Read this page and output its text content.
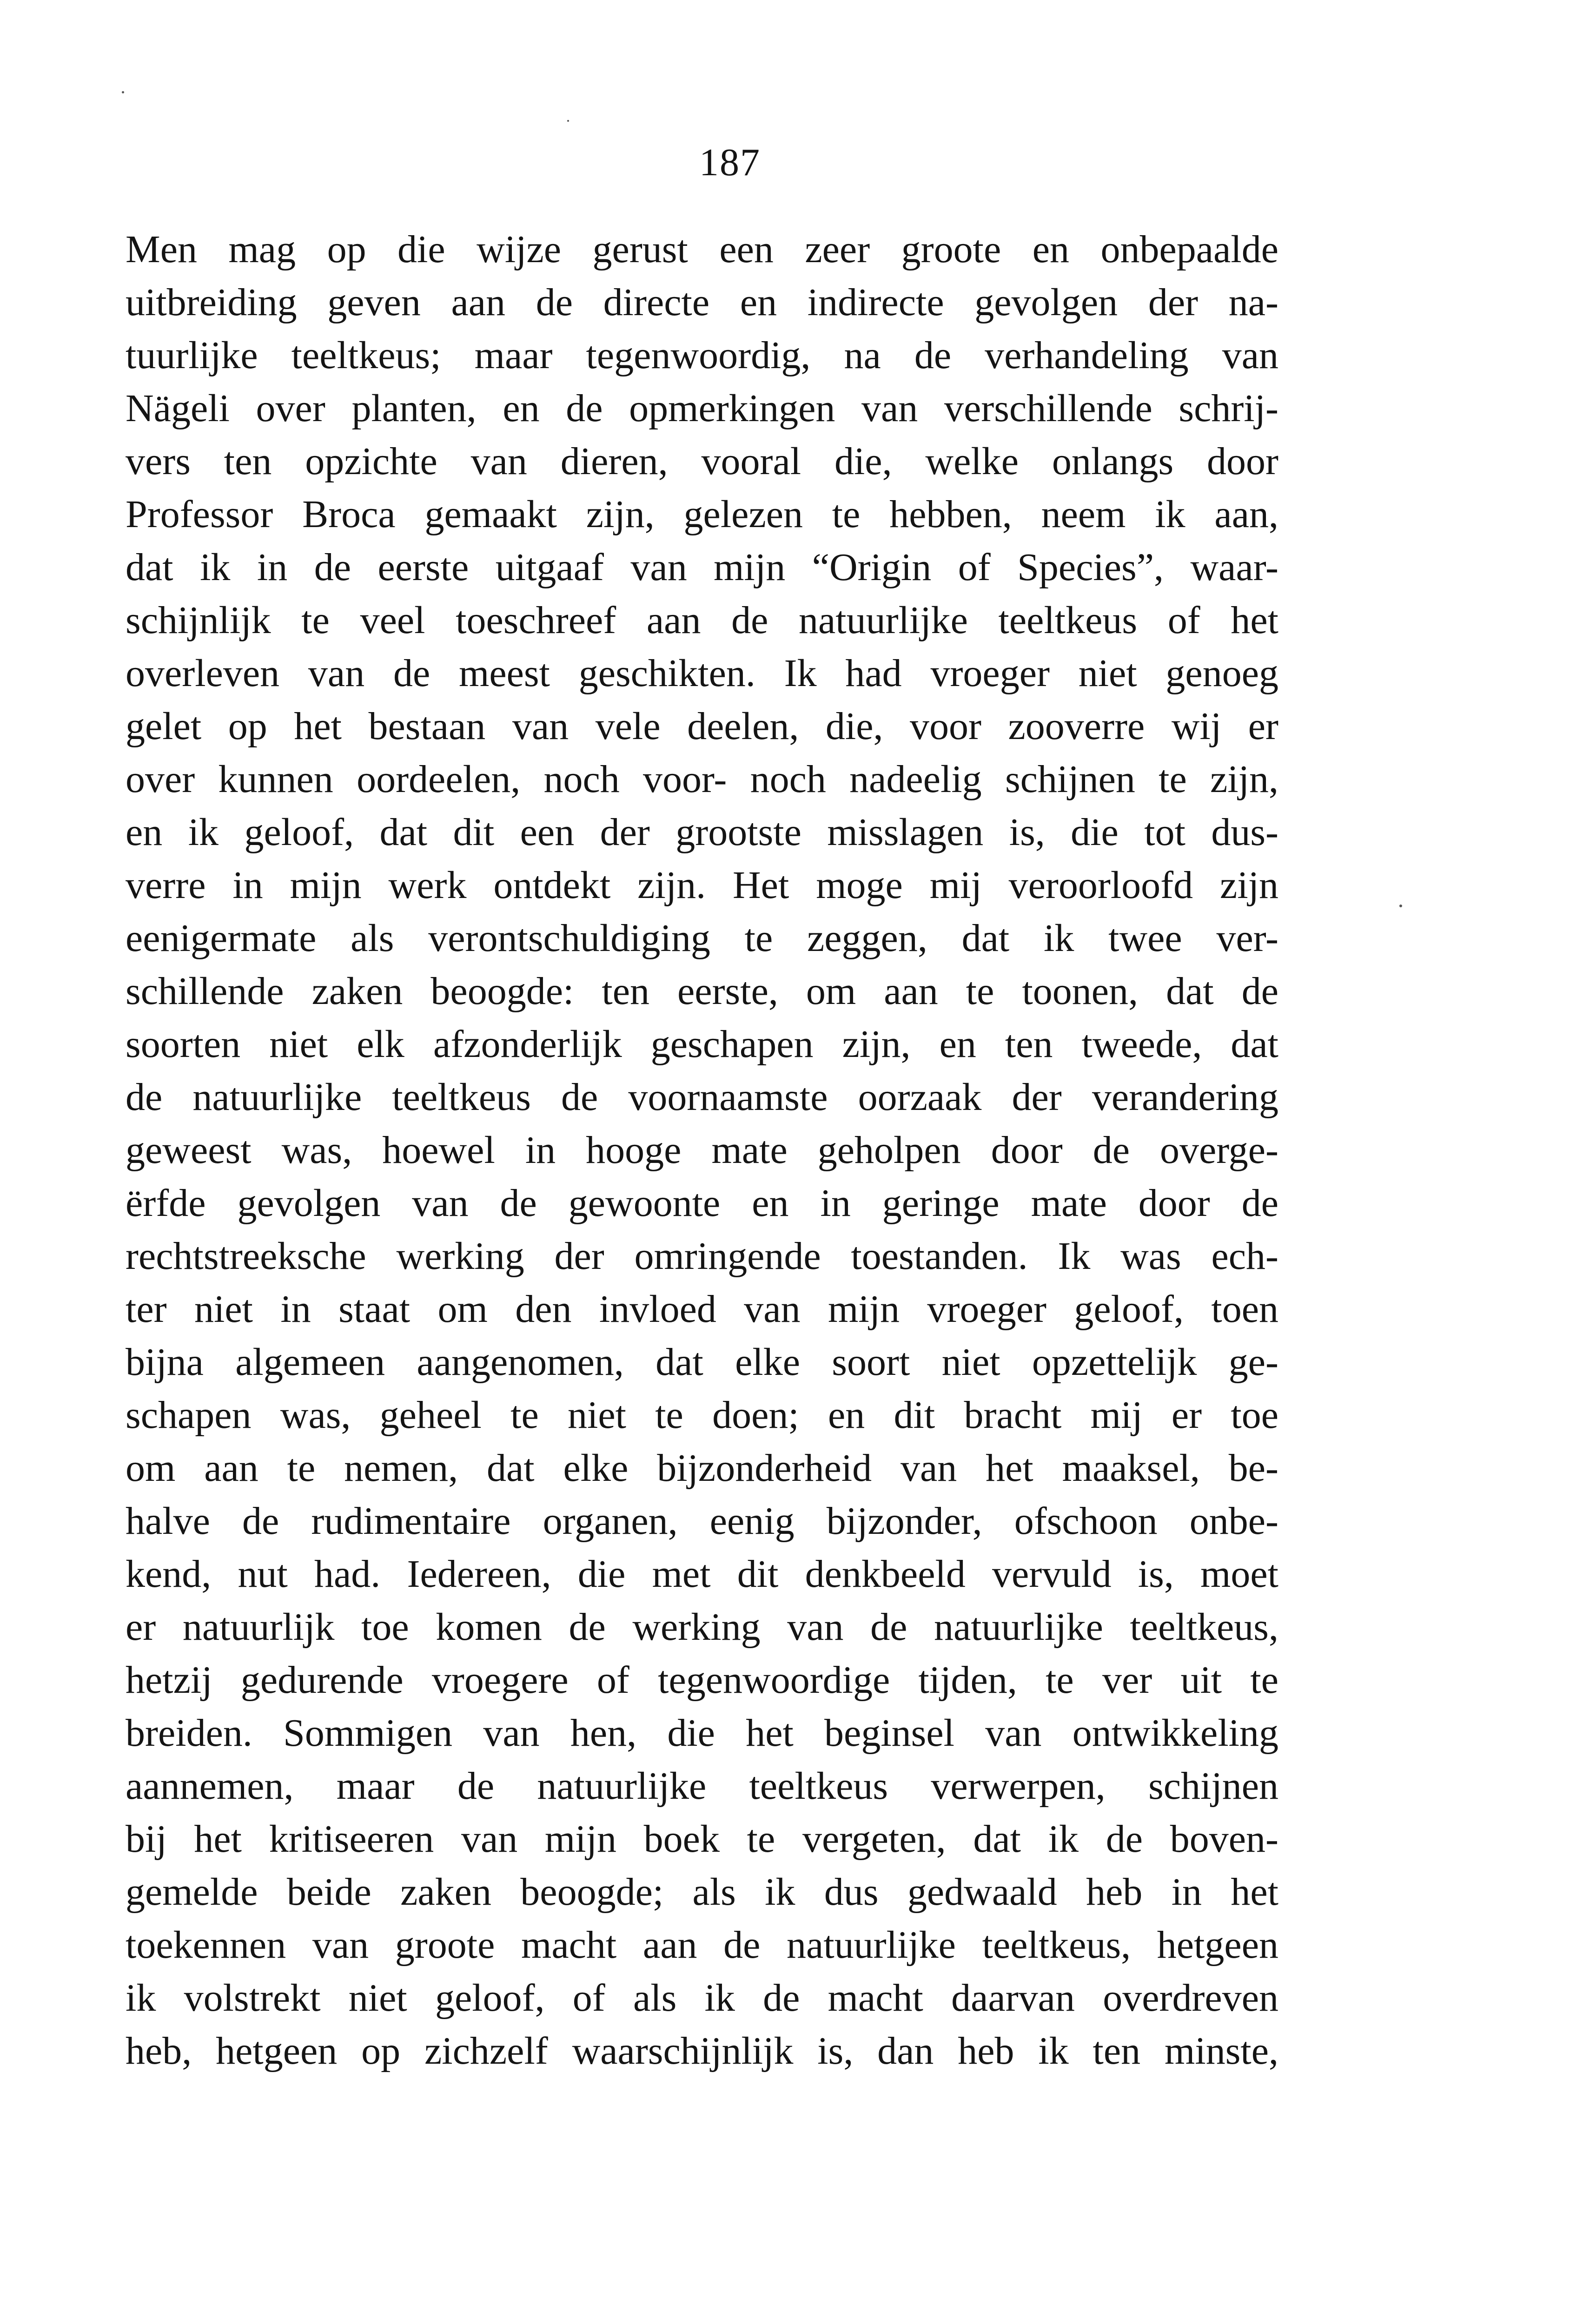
187
Men mag op die wijze gerust een zeer groote en onbepaalde
uitbreiding geven aan de directe en indirecte gevolgen der na-
tuurlijke teeltkeus; maar tegenwoordig, na de verhandeling van
Nägeli over planten, en de opmerkingen van verschillende schrij-
vers ten opzichte van dieren, vooral die, welke onlangs door
Professor Broca gemaakt zijn, gelezen te hebben, neem ik aan,
dat ik in de eerste uitgaaf van mijn “Origin of Species”, waar-
schijnlijk te veel toeschreef aan de natuurlijke teeltkeus of het
overleven van de meest geschikten. Ik had vroeger niet genoeg
gelet op het bestaan van vele deelen, die, voor zooverre wij er
over kunnen oordeelen, noch voor- noch nadeelig schijnen te zijn,
en ik geloof, dat dit een der grootste misslagen is, die tot dus-
verre in mijn werk ontdekt zijn. Het moge mij veroorloofd zijn
eenigermate als verontschuldiging te zeggen, dat ik twee ver-
schillende zaken beoogde: ten eerste, om aan te toonen, dat de
soorten niet elk afzonderlijk geschapen zijn, en ten tweede, dat
de natuurlijke teeltkeus de voornaamste oorzaak der verandering
geweest was, hoewel in hooge mate geholpen door de overge-
ërfde gevolgen van de gewoonte en in geringe mate door de
rechtstreeksche werking der omringende toestanden. Ik was ech-
ter niet in staat om den invloed van mijn vroeger geloof, toen
bijna algemeen aangenomen, dat elke soort niet opzettelijk ge-
schapen was, geheel te niet te doen; en dit bracht mij er toe
om aan te nemen, dat elke bijzonderheid van het maaksel, be-
halve de rudimentaire organen, eenig bijzonder, ofschoon onbe-
kend, nut had. Iedereen, die met dit denkbeeld vervuld is, moet
er natuurlijk toe komen de werking van de natuurlijke teeltkeus,
hetzij gedurende vroegere of tegenwoordige tijden, te ver uit te
breiden. Sommigen van hen, die het beginsel van ontwikkeling
aannemen, maar de natuurlijke teeltkeus verwerpen, schijnen
bij het kritiseeren van mijn boek te vergeten, dat ik de boven-
gemelde beide zaken beoogde; als ik dus gedwaald heb in het
toekennen van groote macht aan de natuurlijke teeltkeus, hetgeen
ik volstrekt niet geloof, of als ik de macht daarvan overdreven
heb, hetgeen op zichzelf waarschijnlijk is, dan heb ik ten minste,
